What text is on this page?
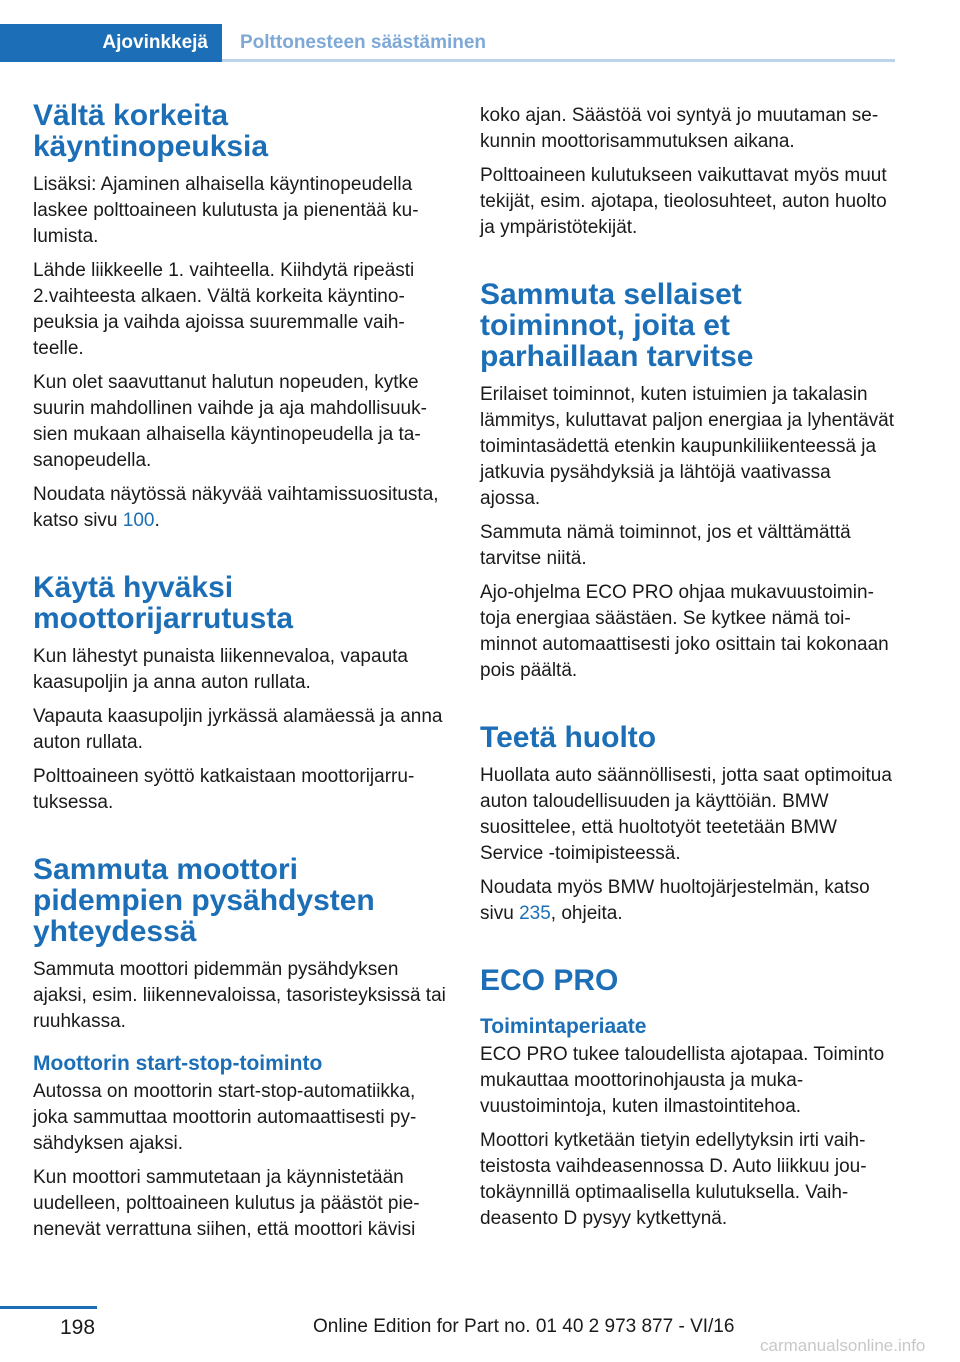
Ajovinkkejä	Polttonesteen säästäminen
Vältä korkeita käyntinopeuksia

Lisäksi: Ajaminen alhaisella käyntinopeudella laskee polttoaineen kulutusta ja pienentää kulumista.

Lähde liikkeelle 1. vaihteella. Kiihdytä ripeästi 2.vaihteesta alkaen. Vältä korkeita käyntinopeuksia ja vaihda ajoissa suuremmalle vaihteelle.

Kun olet saavuttanut halutun nopeuden, kytke suurin mahdollinen vaihde ja aja mahdollisuuksien mukaan alhaisella käyntinopeudella ja tasanopeudella.

Noudata näytössä näkyvää vaihtamissuositusta, katso sivu 100.

Käytä hyväksi moottorijarrutusta

Kun lähestyt punaista liikennevaloa, vapauta kaasupoljin ja anna auton rullata.

Vapauta kaasupoljin jyrkässä alamäessä ja anna auton rullata.

Polttoaineen syöttö katkaistaan moottorijarrutuksessa.

Sammuta moottori pidempien pysähdysten yhteydessä

Sammuta moottori pidemmän pysähdyksen ajaksi, esim. liikennevaloissa, tasoristeyksissä tai ruuhkassa.

Moottorin start-stop-toiminto

Autossa on moottorin start-stop-automatiikka, joka sammuttaa moottorin automaattisesti pysähdyksen ajaksi.

Kun moottori sammutetaan ja käynnistetään uudelleen, polttoaineen kulutus ja päästöt pienenevät verrattuna siihen, että moottori kävisi

koko ajan. Säästöä voi syntyä jo muutaman sekunnin moottorisammutuksen aikana.

Polttoaineen kulutukseen vaikuttavat myös muut tekijät, esim. ajotapa, tieolosuhteet, auton huolto ja ympäristötekijät.

Sammuta sellaiset toiminnot, joita et parhaillaan tarvitse

Erilaiset toiminnot, kuten istuimien ja takalasin lämmitys, kuluttavat paljon energiaa ja lyhentävät toimintasädettä etenkin kaupunkiliikenteessä ja jatkuvia pysähdyksiä ja lähtöjä vaativassa ajossa.

Sammuta nämä toiminnot, jos et välttämättä tarvitse niitä.

Ajo-ohjelma ECO PRO ohjaa mukavuustoimintoja energiaa säästäen. Se kytkee nämä toiminnot automaattisesti joko osittain tai kokonaan pois päältä.

Teetä huolto

Huollata auto säännöllisesti, jotta saat optimoitua auton taloudellisuuden ja käyttöiän. BMW suosittelee, että huoltotyöt teetetään BMW Service -toimipisteessä.

Noudata myös BMW huoltojärjestelmän, katso sivu 235, ohjeita.

ECO PRO
Toimintaperiaate

ECO PRO tukee taloudellista ajotapaa. Toiminto mukauttaa moottorinohjausta ja mukavuustoimintoja, kuten ilmastointitehoa.

Moottori kytketään tietyin edellytyksin irti vaihteistosta vaihdeasennossa D. Auto liikkuu joutokäynnillä optimaalisella kulutuksella. Vaihdeasento D pysyy kytkettynä.

198	Online Edition for Part no. 01 40 2 973 877 - VI/16
carmanualsonline.info
